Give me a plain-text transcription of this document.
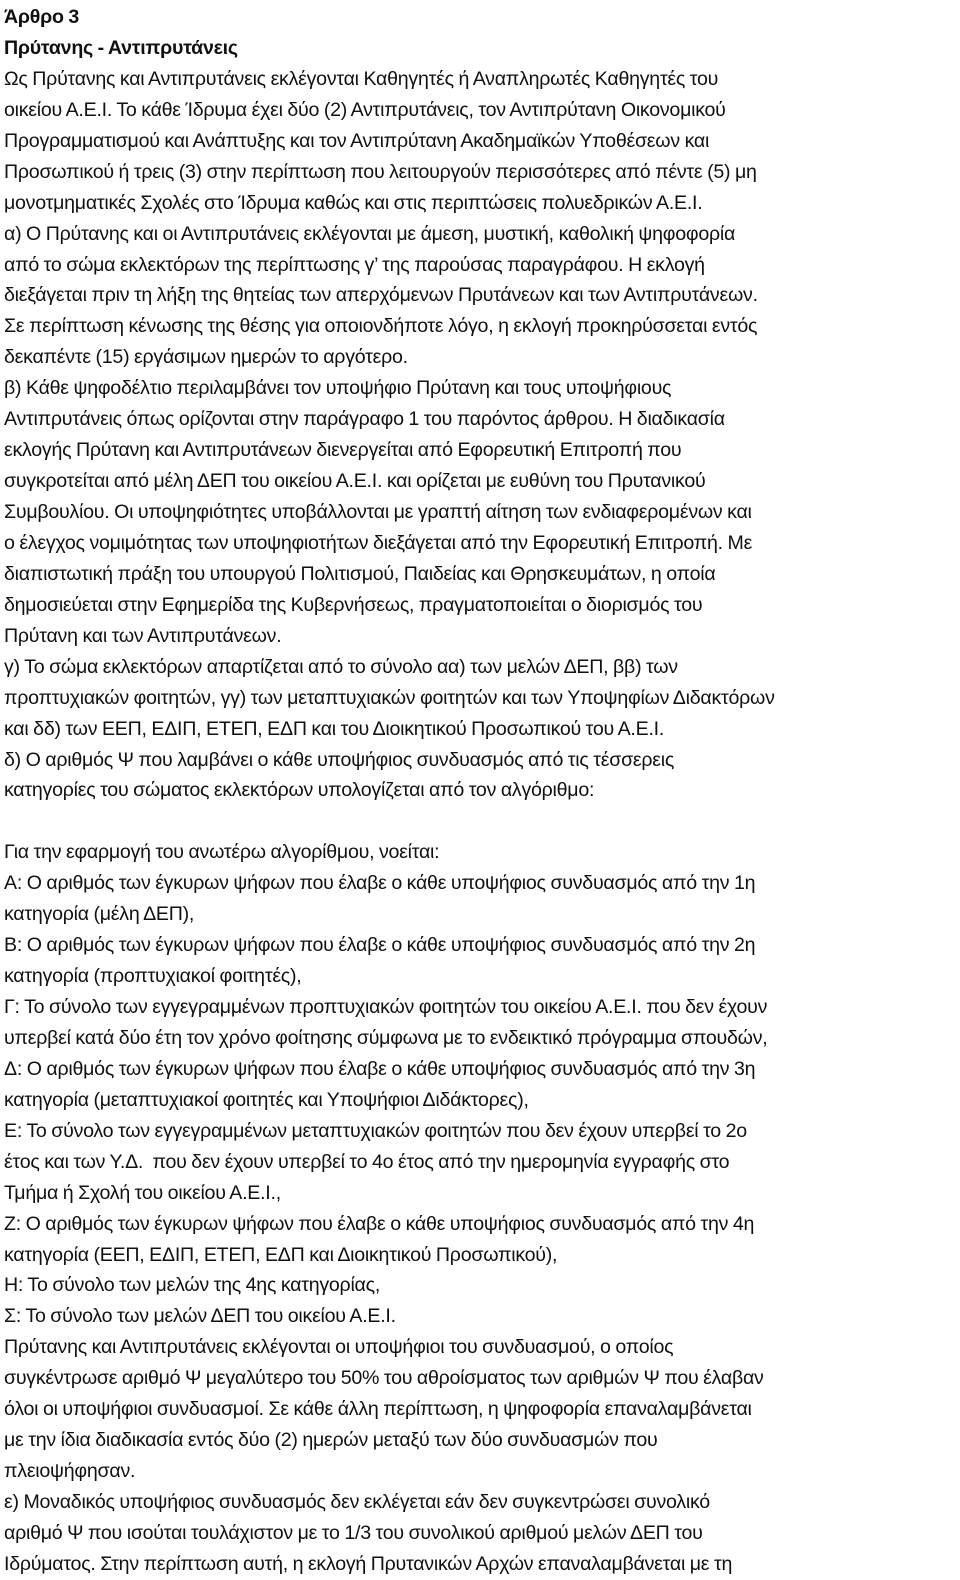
Άρθρο 3
Πρύτανης - Αντιπρυτάνεις
Ως Πρύτανης και Αντιπρυτάνεις εκλέγονται Καθηγητές ή Αναπληρωτές Καθηγητές του
οικείου Α.Ε.Ι. Το κάθε Ίδρυμα έχει δύο (2) Αντιπρυτάνεις, τον Αντιπρύτανη Οικονομικού
Προγραμματισμού και Ανάπτυξης και τον Αντιπρύτανη Ακαδημαϊκών Υποθέσεων και
Προσωπικού ή τρεις (3) στην περίπτωση που λειτουργούν περισσότερες από πέντε (5) μη
μονοτμηματικές Σχολές στο Ίδρυμα καθώς και στις περιπτώσεις πολυεδρικών Α.Ε.Ι.
α) Ο Πρύτανης και οι Αντιπρυτάνεις εκλέγονται με άμεση, μυστική, καθολική ψηφοφορία
από το σώμα εκλεκτόρων της περίπτωσης γ’ της παρούσας παραγράφου. Η εκλογή
διεξάγεται πριν τη λήξη της θητείας των απερχόμενων Πρυτάνεων και των Αντιπρυτάνεων.
Σε περίπτωση κένωσης της θέσης για οποιονδήποτε λόγο, η εκλογή προκηρύσσεται εντός
δεκαπέντε (15) εργάσιμων ημερών το αργότερο.
β) Κάθε ψηφοδέλτιο περιλαμβάνει τον υποψήφιο Πρύτανη και τους υποψήφιους
Αντιπρυτάνεις όπως ορίζονται στην παράγραφο 1 του παρόντος άρθρου. Η διαδικασία
εκλογής Πρύτανη και Αντιπρυτάνεων διενεργείται από Εφορευτική Επιτροπή που
συγκροτείται από μέλη ΔΕΠ του οικείου Α.Ε.Ι. και ορίζεται με ευθύνη του Πρυτανικού
Συμβουλίου. Οι υποψηφιότητες υποβάλλονται με γραπτή αίτηση των ενδιαφερομένων και
ο έλεγχος νομιμότητας των υποψηφιοτήτων διεξάγεται από την Εφορευτική Επιτροπή. Με
διαπιστωτική πράξη του υπουργού Πολιτισμού, Παιδείας και Θρησκευμάτων, η οποία
δημοσιεύεται στην Εφημερίδα της Κυβερνήσεως, πραγματοποιείται ο διορισμός του
Πρύτανη και των Αντιπρυτάνεων.
γ) Το σώμα εκλεκτόρων απαρτίζεται από το σύνολο αα) των μελών ΔΕΠ, ββ) των
προπτυχιακών φοιτητών, γγ) των μεταπτυχιακών φοιτητών και των Υποψηφίων Διδακτόρων
και δδ) των ΕΕΠ, ΕΔΙΠ, ΕΤΕΠ, ΕΔΠ και του Διοικητικού Προσωπικού του Α.Ε.Ι.
δ) Ο αριθμός Ψ που λαμβάνει ο κάθε υποψήφιος συνδυασμός από τις τέσσερεις
κατηγορίες του σώματος εκλεκτόρων υπολογίζεται από τον αλγόριθμο:
Για την εφαρμογή του ανωτέρω αλγορίθμου, νοείται:
Α: Ο αριθμός των έγκυρων ψήφων που έλαβε ο κάθε υποψήφιος συνδυασμός από την 1η
κατηγορία (μέλη ΔΕΠ),
Β: Ο αριθμός των έγκυρων ψήφων που έλαβε ο κάθε υποψήφιος συνδυασμός από την 2η
κατηγορία (προπτυχιακοί φοιτητές),
Γ: Το σύνολο των εγγεγραμμένων προπτυχιακών φοιτητών του οικείου Α.Ε.Ι. που δεν έχουν
υπερβεί κατά δύο έτη τον χρόνο φοίτησης σύμφωνα με το ενδεικτικό πρόγραμμα σπουδών,
Δ: Ο αριθμός των έγκυρων ψήφων που έλαβε ο κάθε υποψήφιος συνδυασμός από την 3η
κατηγορία (μεταπτυχιακοί φοιτητές και Υποψήφιοι Διδάκτορες),
Ε: Το σύνολο των εγγεγραμμένων μεταπτυχιακών φοιτητών που δεν έχουν υπερβεί το 2ο
έτος και των Υ.Δ.  που δεν έχουν υπερβεί το 4ο έτος από την ημερομηνία εγγραφής στο
Τμήμα ή Σχολή του οικείου Α.Ε.Ι.,
Ζ: Ο αριθμός των έγκυρων ψήφων που έλαβε ο κάθε υποψήφιος συνδυασμός από την 4η
κατηγορία (ΕΕΠ, ΕΔΙΠ, ΕΤΕΠ, ΕΔΠ και Διοικητικού Προσωπικού),
Η: Το σύνολο των μελών της 4ης κατηγορίας,
Σ: Το σύνολο των μελών ΔΕΠ του οικείου Α.Ε.Ι.
Πρύτανης και Αντιπρυτάνεις εκλέγονται οι υποψήφιοι του συνδυασμού, ο οποίος
συγκέντρωσε αριθμό Ψ μεγαλύτερο του 50% του αθροίσματος των αριθμών Ψ που έλαβαν
όλοι οι υποψήφιοι συνδυασμοί. Σε κάθε άλλη περίπτωση, η ψηφοφορία επαναλαμβάνεται
με την ίδια διαδικασία εντός δύο (2) ημερών μεταξύ των δύο συνδυασμών που
πλειοψήφησαν.
ε) Μοναδικός υποψήφιος συνδυασμός δεν εκλέγεται εάν δεν συγκεντρώσει συνολικό
αριθμό Ψ που ισούται τουλάχιστον με το 1/3 του συνολικού αριθμού μελών ΔΕΠ του
Ιδρύματος. Στην περίπτωση αυτή, η εκλογή Πρυτανικών Αρχών επαναλαμβάνεται με τη
